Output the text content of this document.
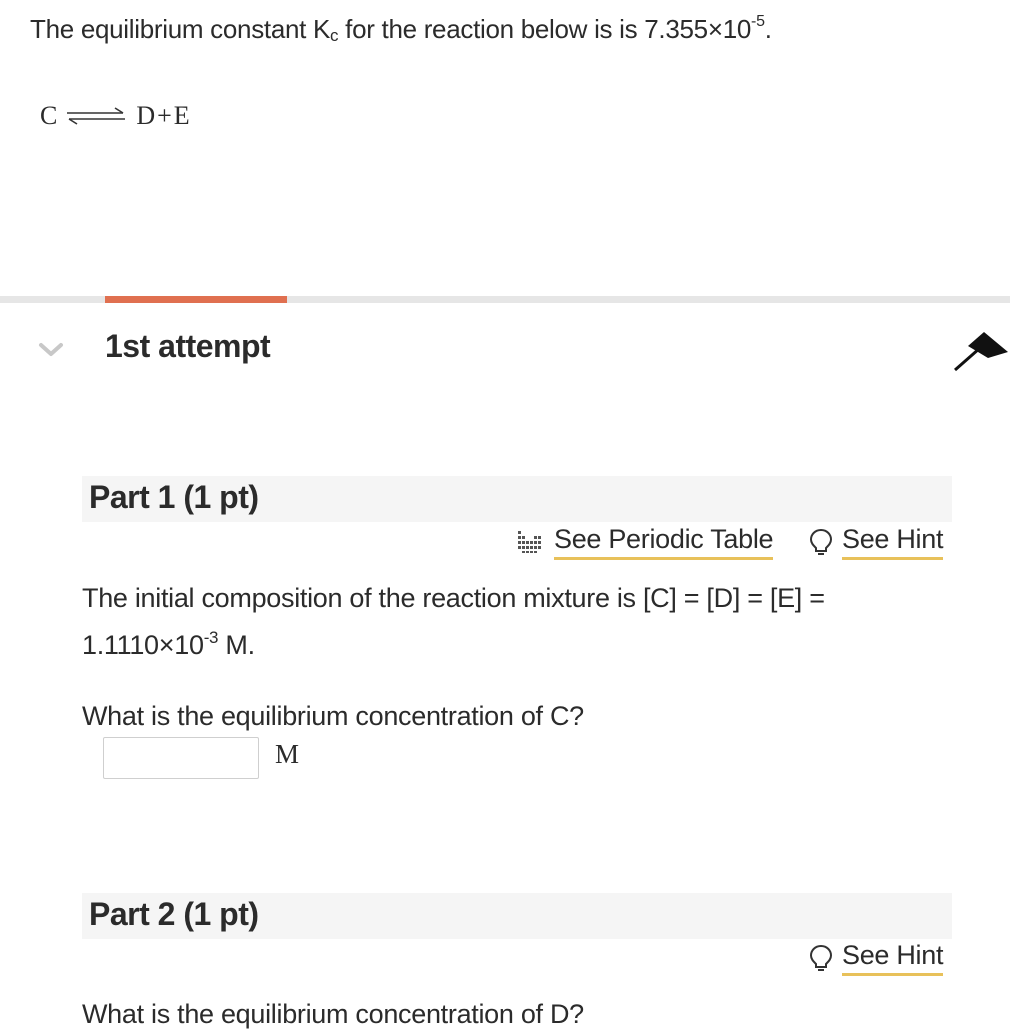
The equilibrium constant $K_c$ for the reaction below is is $7.355\times 10^{-5}$.
C ⇌ D+E
1st attempt
Part 1 (1 pt)
See Periodic Table	See Hint
The initial composition of the reaction mixture is [C] = [D] = [E] =
$1.1110\times 10^{-3}$ M.
What is the equilibrium concentration of C?
M
Part 2 (1 pt)
See Hint
What is the equilibrium concentration of D?
